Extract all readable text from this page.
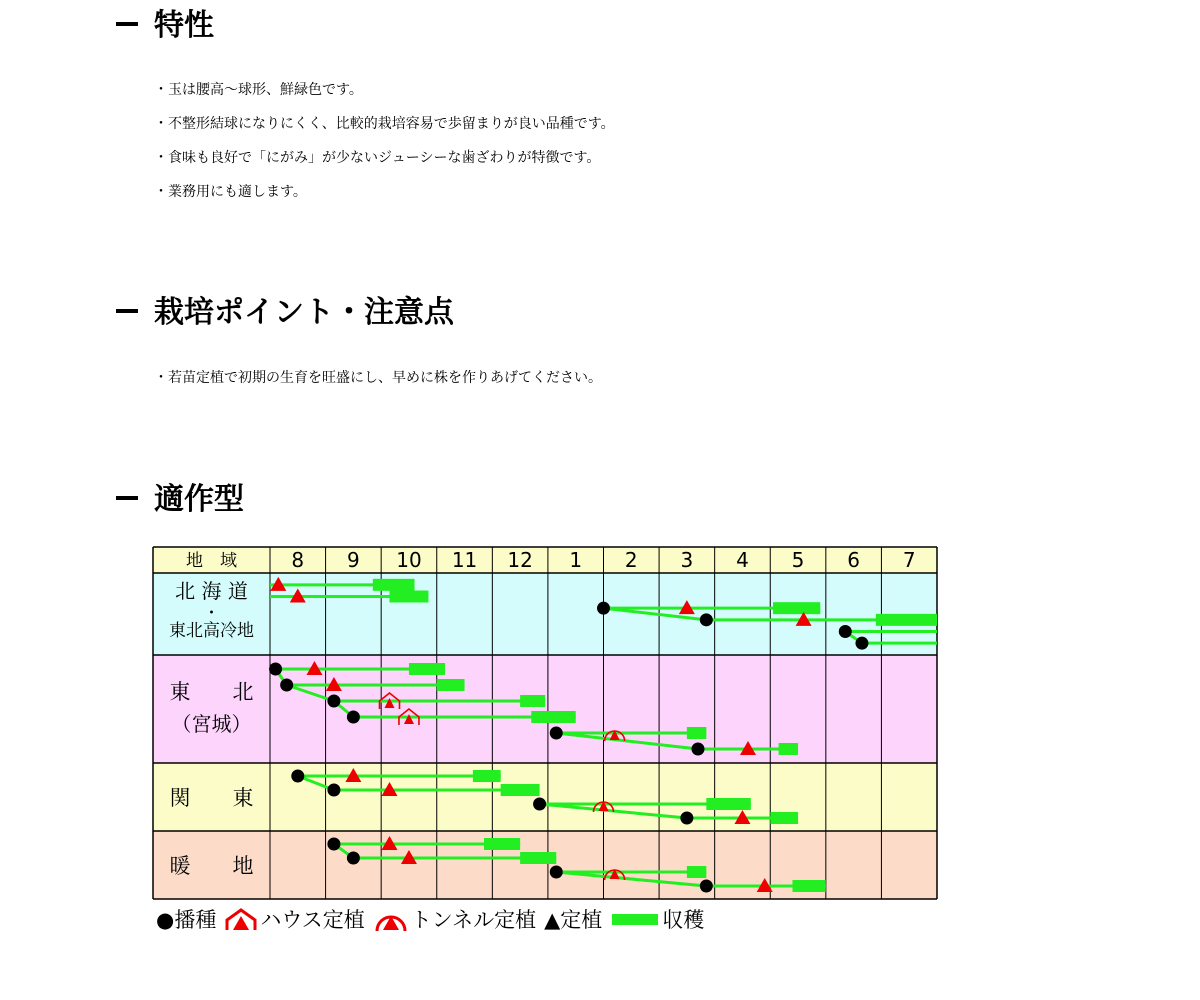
特性
・玉は腰高～球形、鮮緑色です。
・不整形結球になりにくく、比較的栽培容易で歩留まりが良い品種です。
・食味も良好で「にがみ」が少ないジューシーな歯ざわりが特徴です。
・業務用にも適します。
栽培ポイント・注意点
・若苗定植で初期の生育を旺盛にし、早めに株を作りあげてください。
適作型
地　域	8 9 10 11 12 1 2 3 4 5 6 7
北 海 道
・
東北高冷地
東　　北
（宮城）
関　　東
暖　　地
●播種 ハウス定植 トンネル定植 ▲定植	収穫
